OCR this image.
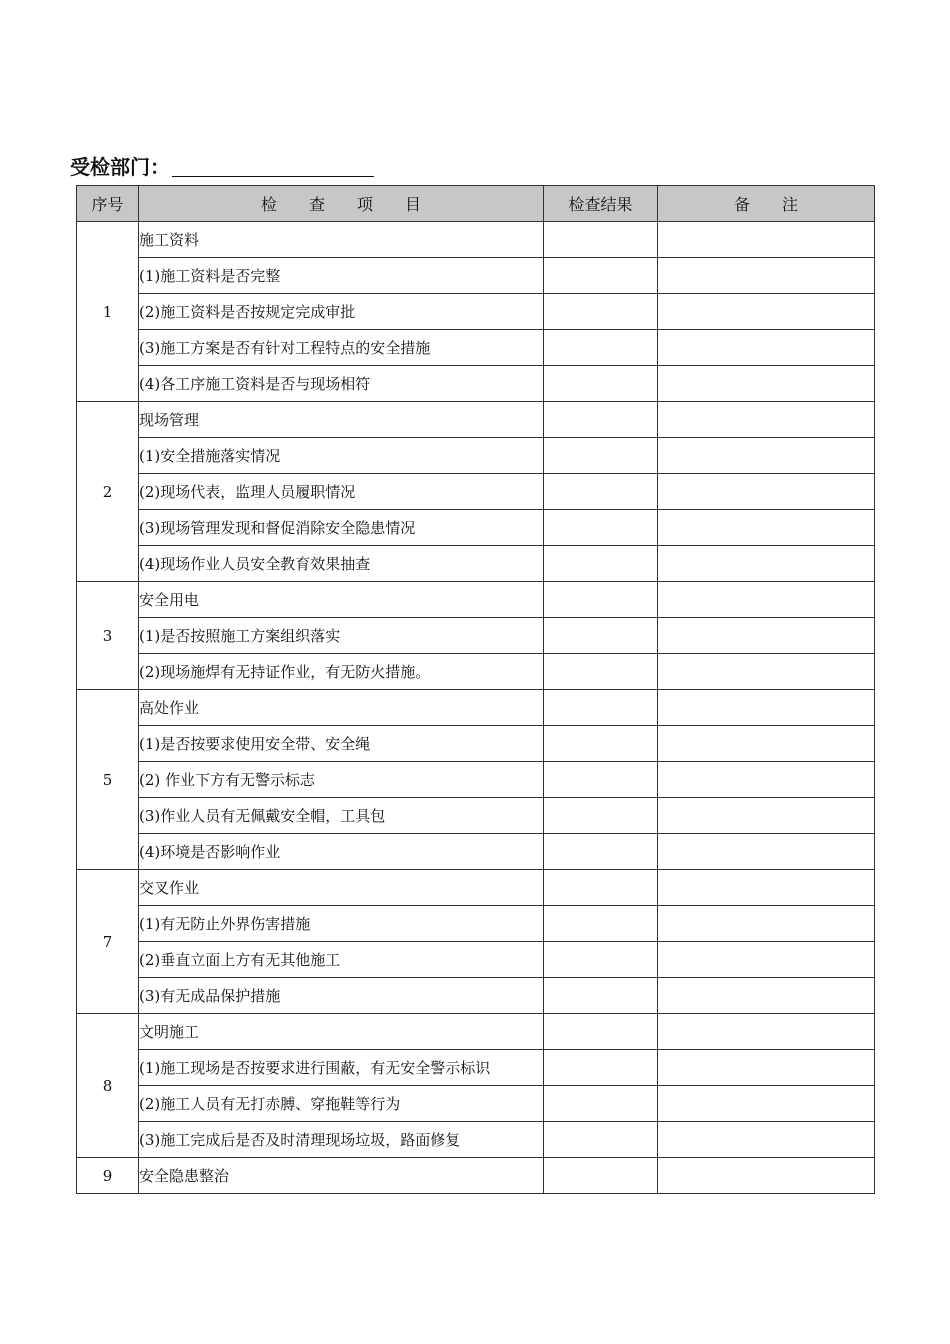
受检部门：
序号	检　　查　　项　　目	检查结果	备　　注
1	施工资料		
	(1)施工资料是否完整		
	(2)施工资料是否按规定完成审批		
	(3)施工方案是否有针对工程特点的安全措施		
	(4)各工序施工资料是否与现场相符		
2	现场管理		
	(1)安全措施落实情况		
	(2)现场代表，监理人员履职情况		
	(3)现场管理发现和督促消除安全隐患情况		
	(4)现场作业人员安全教育效果抽查		
3	安全用电		
	(1)是否按照施工方案组织落实		
	(2)现场施焊有无持证作业，有无防火措施。		
5	高处作业		
	(1)是否按要求使用安全带、安全绳		
	(2) 作业下方有无警示标志		
	(3)作业人员有无佩戴安全帽，工具包		
	(4)环境是否影响作业		
7	交叉作业		
	(1)有无防止外界伤害措施		
	(2)垂直立面上方有无其他施工		
	(3)有无成品保护措施		
8	文明施工		
	(1)施工现场是否按要求进行围蔽，有无安全警示标识		
	(2)施工人员有无打赤膊、穿拖鞋等行为		
	(3)施工完成后是否及时清理现场垃圾，路面修复		
9	安全隐患整治		
